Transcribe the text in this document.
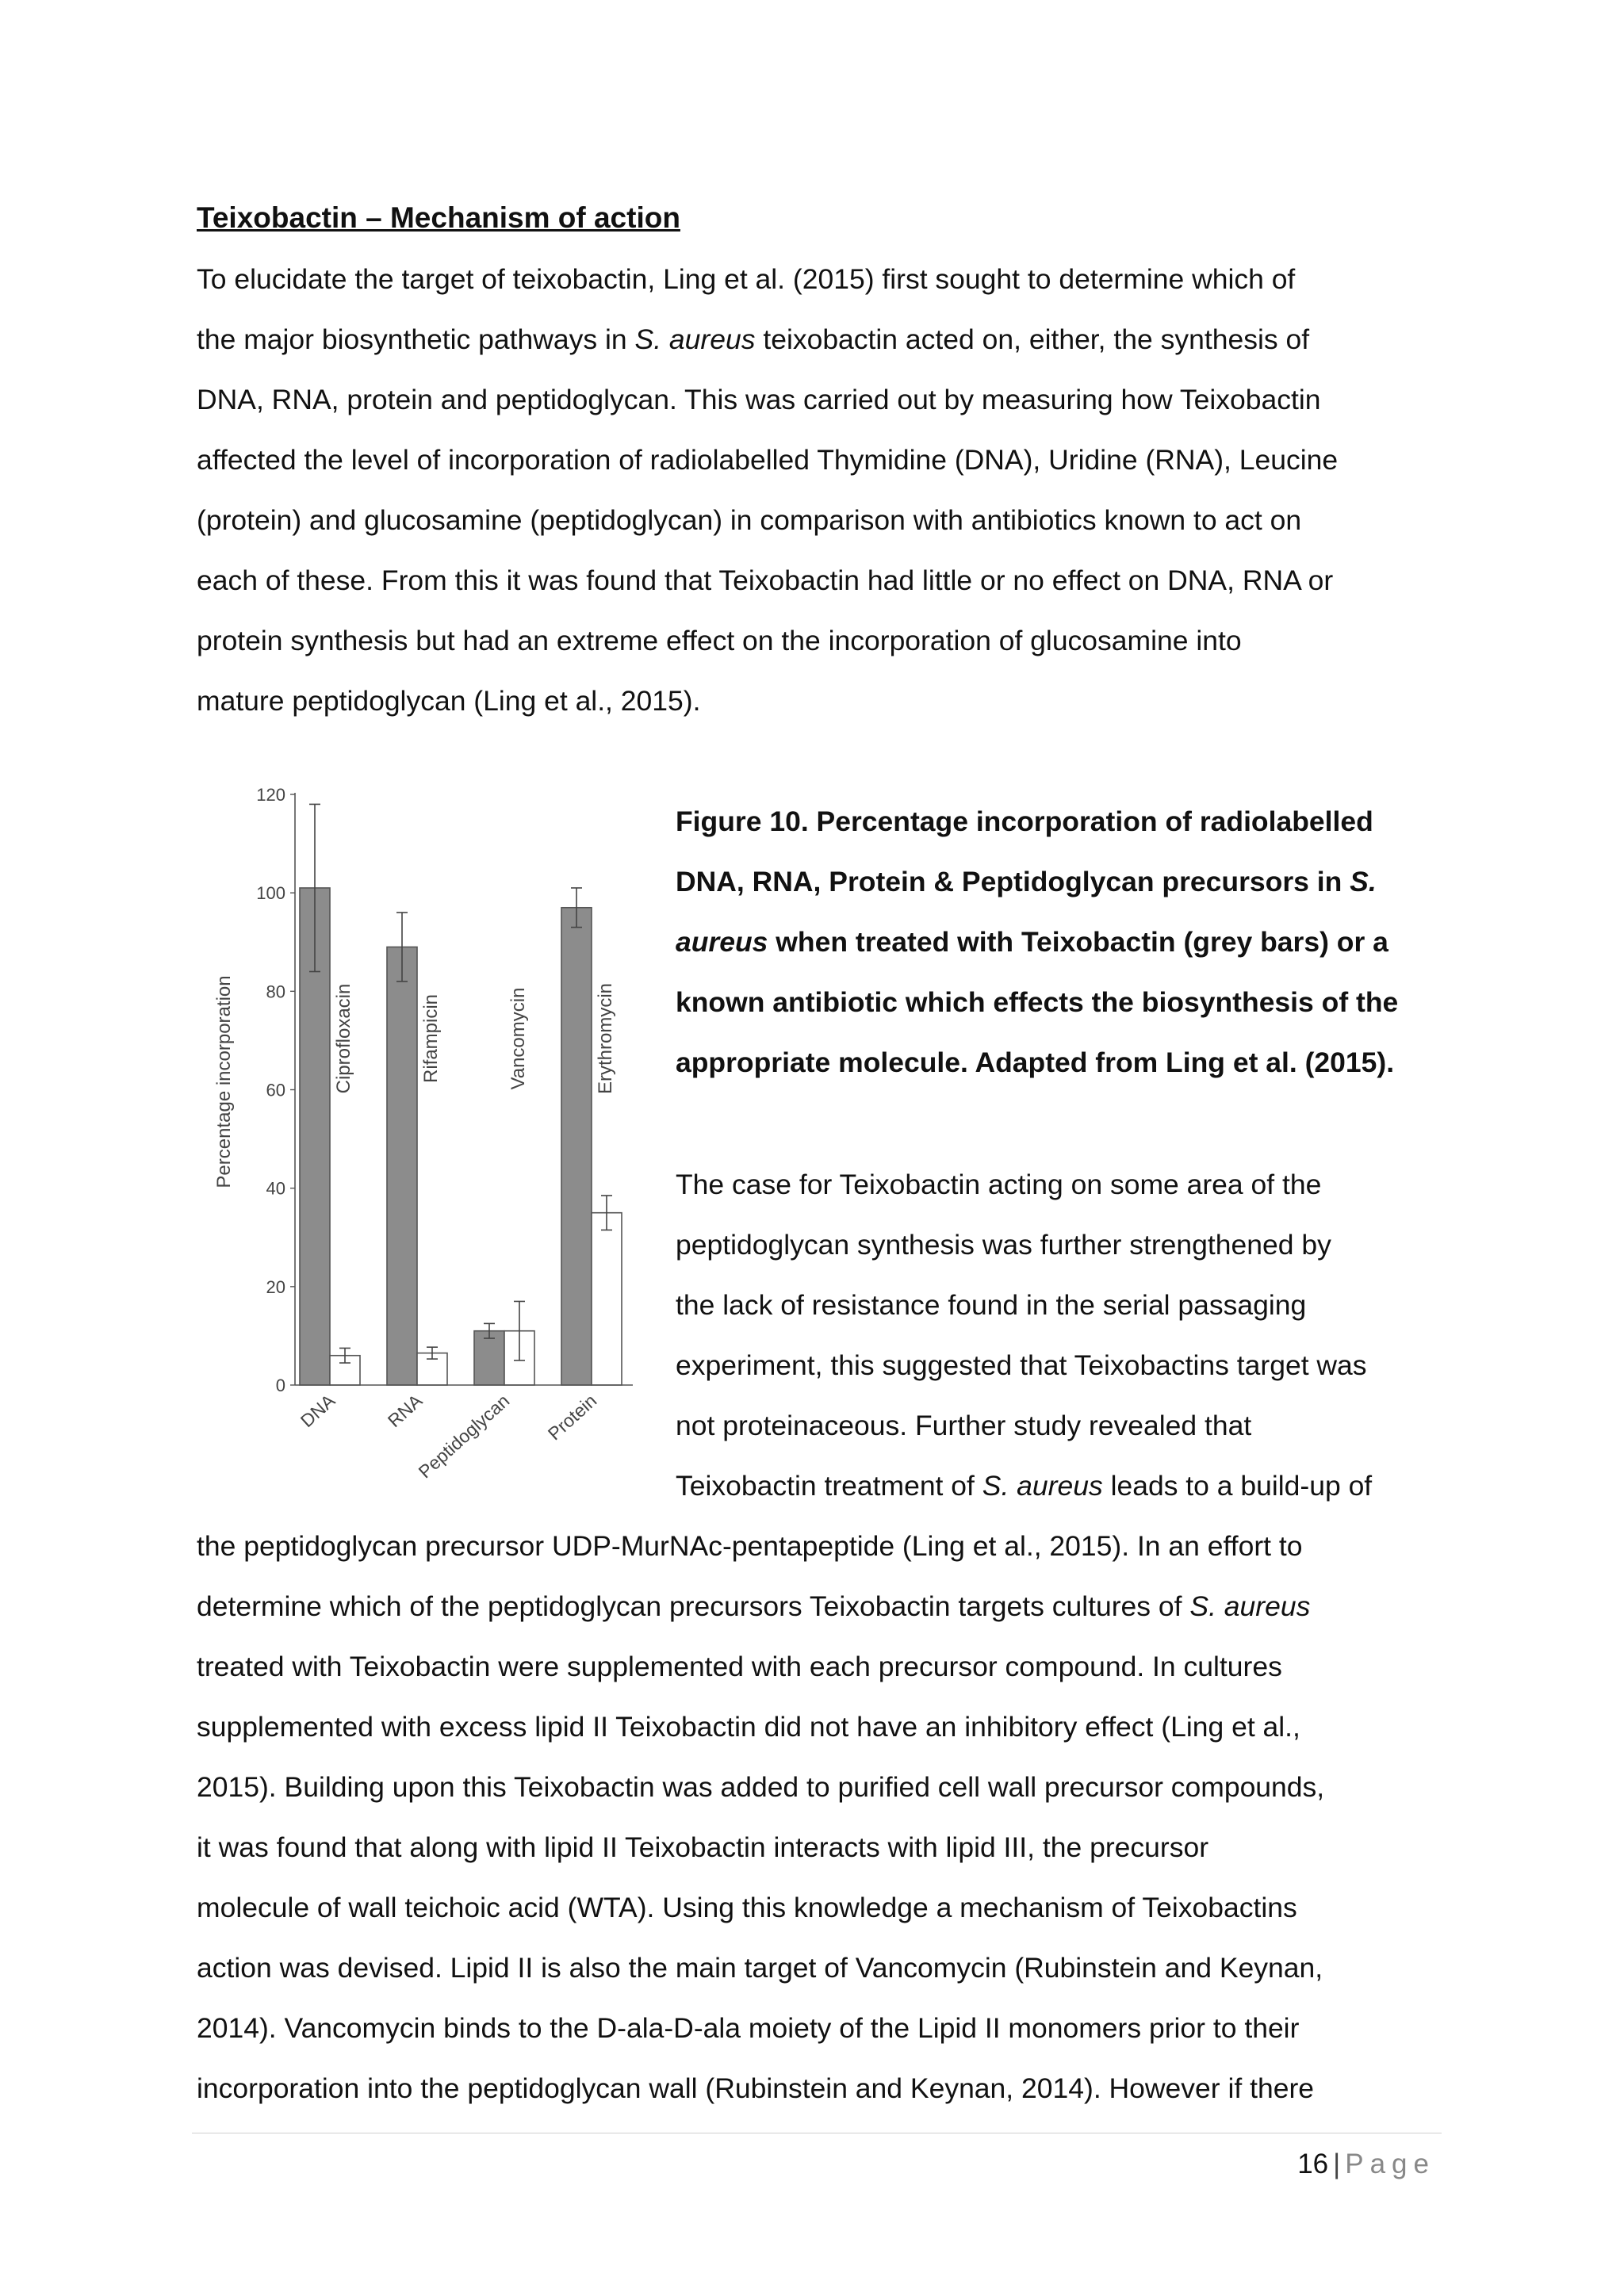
Teixobactin – Mechanism of action
To elucidate the target of teixobactin, Ling et al. (2015) first sought to determine which of
the major biosynthetic pathways in S. aureus teixobactin acted on, either, the synthesis of
DNA, RNA, protein and peptidoglycan. This was carried out by measuring how Teixobactin
affected the level of incorporation of radiolabelled Thymidine (DNA), Uridine (RNA), Leucine
(protein) and glucosamine (peptidoglycan) in comparison with antibiotics known to act on
each of these. From this it was found that Teixobactin had little or no effect on DNA, RNA or
protein synthesis but had an extreme effect on the incorporation of glucosamine into
mature peptidoglycan (Ling et al., 2015).
0
20
40
60
80
100
120
Percentage incorporation	Ciprofloxacin
DNA
Rifampicin
RNA
Vancomycin
Peptidoglycan
Erythromycin
Protein
Figure 10. Percentage incorporation of radiolabelled
DNA, RNA, Protein & Peptidoglycan precursors in S.
aureus when treated with Teixobactin (grey bars) or a
known antibiotic which effects the biosynthesis of the
appropriate molecule. Adapted from Ling et al. (2015).
The case for Teixobactin acting on some area of the
peptidoglycan synthesis was further strengthened by
the lack of resistance found in the serial passaging
experiment, this suggested that Teixobactins target was
not proteinaceous. Further study revealed that
Teixobactin treatment of S. aureus leads to a build-up of
the peptidoglycan precursor UDP-MurNAc-pentapeptide (Ling et al., 2015). In an effort to
determine which of the peptidoglycan precursors Teixobactin targets cultures of S. aureus
treated with Teixobactin were supplemented with each precursor compound. In cultures
supplemented with excess lipid II Teixobactin did not have an inhibitory effect (Ling et al.,
2015). Building upon this Teixobactin was added to purified cell wall precursor compounds,
it was found that along with lipid II Teixobactin interacts with lipid III, the precursor
molecule of wall teichoic acid (WTA). Using this knowledge a mechanism of Teixobactins
action was devised. Lipid II is also the main target of Vancomycin (Rubinstein and Keynan,
2014). Vancomycin binds to the D-ala-D-ala moiety of the Lipid II monomers prior to their
incorporation into the peptidoglycan wall (Rubinstein and Keynan, 2014). However if there
16 | Page
